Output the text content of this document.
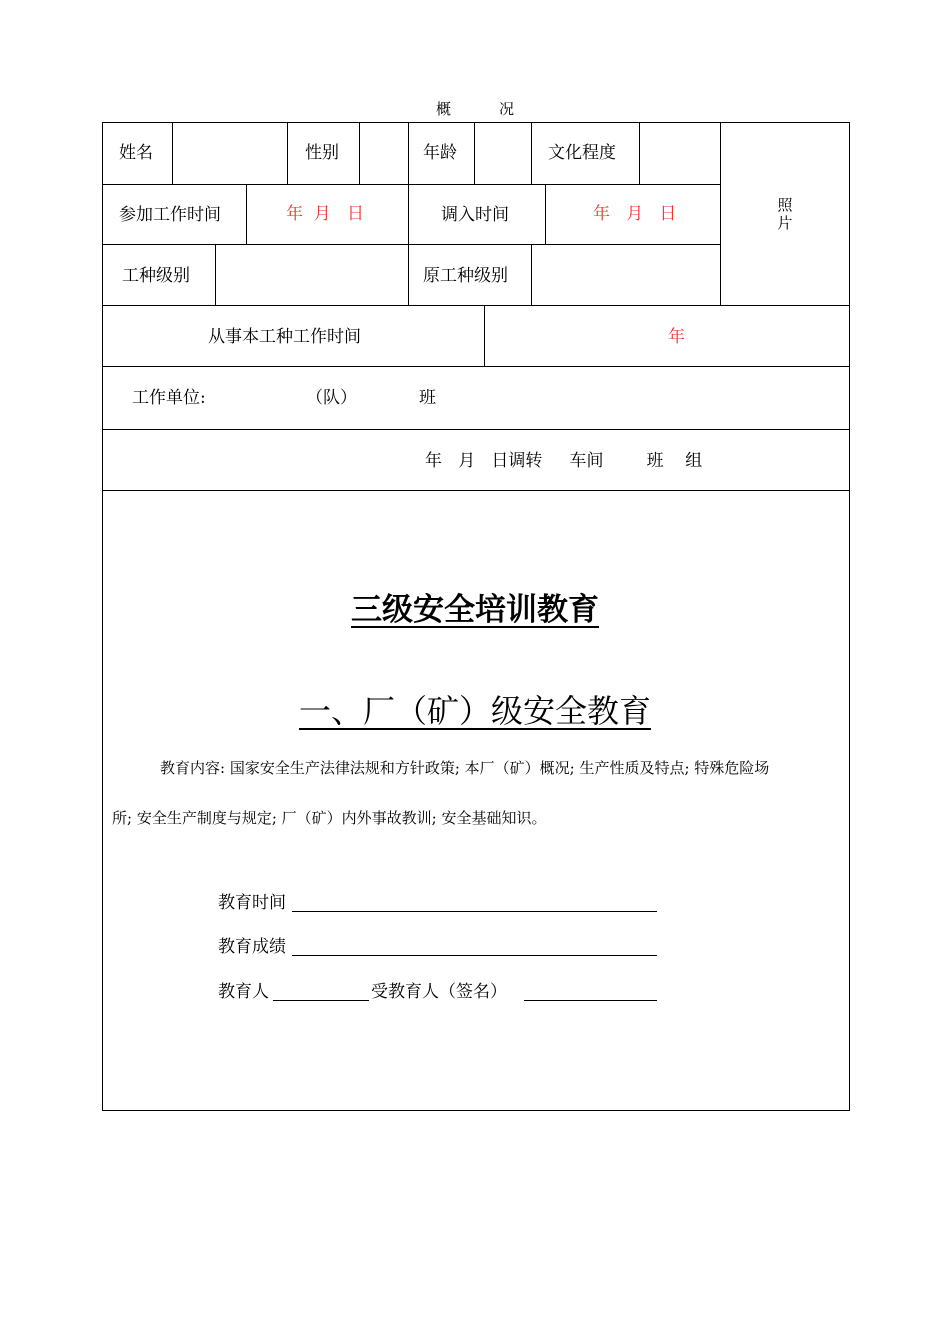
概	况
姓名	性别	年龄	文化程度
照
片
参加工作时间	年  月   日	调入时间	年   月   日
工种级别	原工种级别
从事本工种工作时间	年
工作单位:	（队）	班
年   月   日调转     车间        班    组
三级安全培训教育
一、厂（矿）级安全教育
教育内容: 国家安全生产法律法规和方针政策; 本厂（矿）概况; 生产性质及特点; 特殊危险场
所; 安全生产制度与规定; 厂（矿）内外事故教训; 安全基础知识。
教育时间
教育成绩
教育人	受教育人（签名）
